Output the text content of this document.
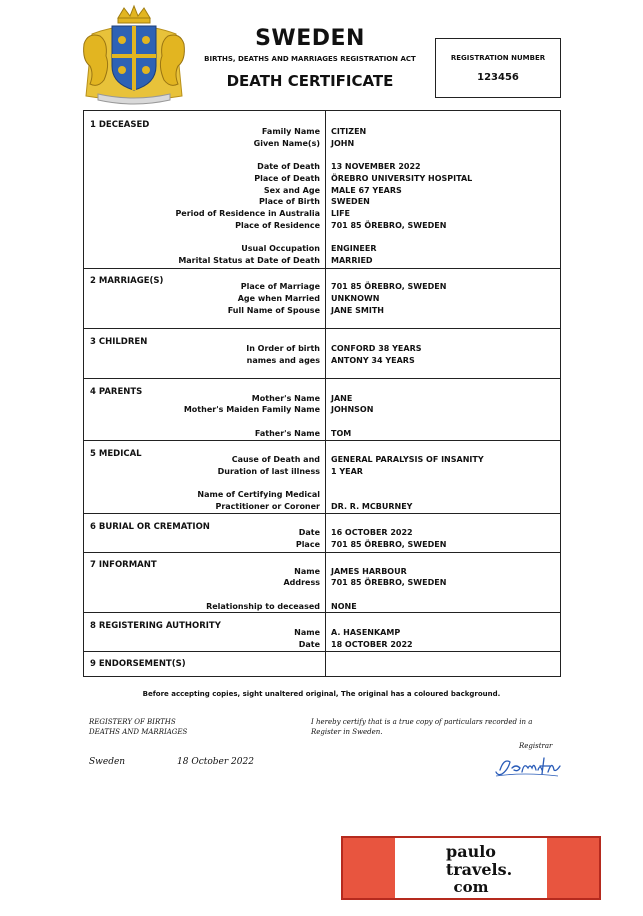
SWEDEN
BIRTHS, DEATHS AND MARRIAGES REGISTRATION ACT
DEATH CERTIFICATE
REGISTRATION NUMBER
123456
1 DECEASED
Family Name CITIZEN
Given Name(s) JOHN
Date of Death 13 NOVEMBER 2022
Place of Death ÖREBRO UNIVERSITY HOSPITAL
Sex and Age MALE 67 YEARS
Place of Birth SWEDEN
Period of Residence in Australia LIFE
Place of Residence 701 85 ÖREBRO, SWEDEN
Usual Occupation ENGINEER
Marital Status at Date of Death MARRIED
2 MARRIAGE(S)
Place of Marriage 701 85 ÖREBRO, SWEDEN
Age when Married UNKNOWN
Full Name of Spouse JANE SMITH
3 CHILDREN
In Order of birth CONFORD 38 YEARS
names and ages ANTONY 34 YEARS
4 PARENTS
Mother's Name JANE
Mother's Maiden Family Name JOHNSON
Father's Name TOM
5 MEDICAL
Cause of Death and GENERAL PARALYSIS OF INSANITY
Duration of last illness 1 YEAR
Name of Certifying Medical
Practitioner or Coroner DR. R. MCBURNEY
6 BURIAL OR CREMATION
Date 16 OCTOBER 2022
Place 701 85 ÖREBRO, SWEDEN
7 INFORMANT
Name JAMES HARBOUR
Address 701 85 ÖREBRO, SWEDEN
Relationship to deceased NONE
8 REGISTERING AUTHORITY
Name A. HASENKAMP
Date 18 OCTOBER 2022
9 ENDORSEMENT(S)
Before accepting copies, sight unaltered original, The original has a coloured background.
REGISTERY OF BIRTHS
DEATHS AND MARRIAGES
I hereby certify that is a true copy of particulars recorded in a Register in Sweden.
Registrar
Sweden	18 October 2022
paulo
travels.
com
